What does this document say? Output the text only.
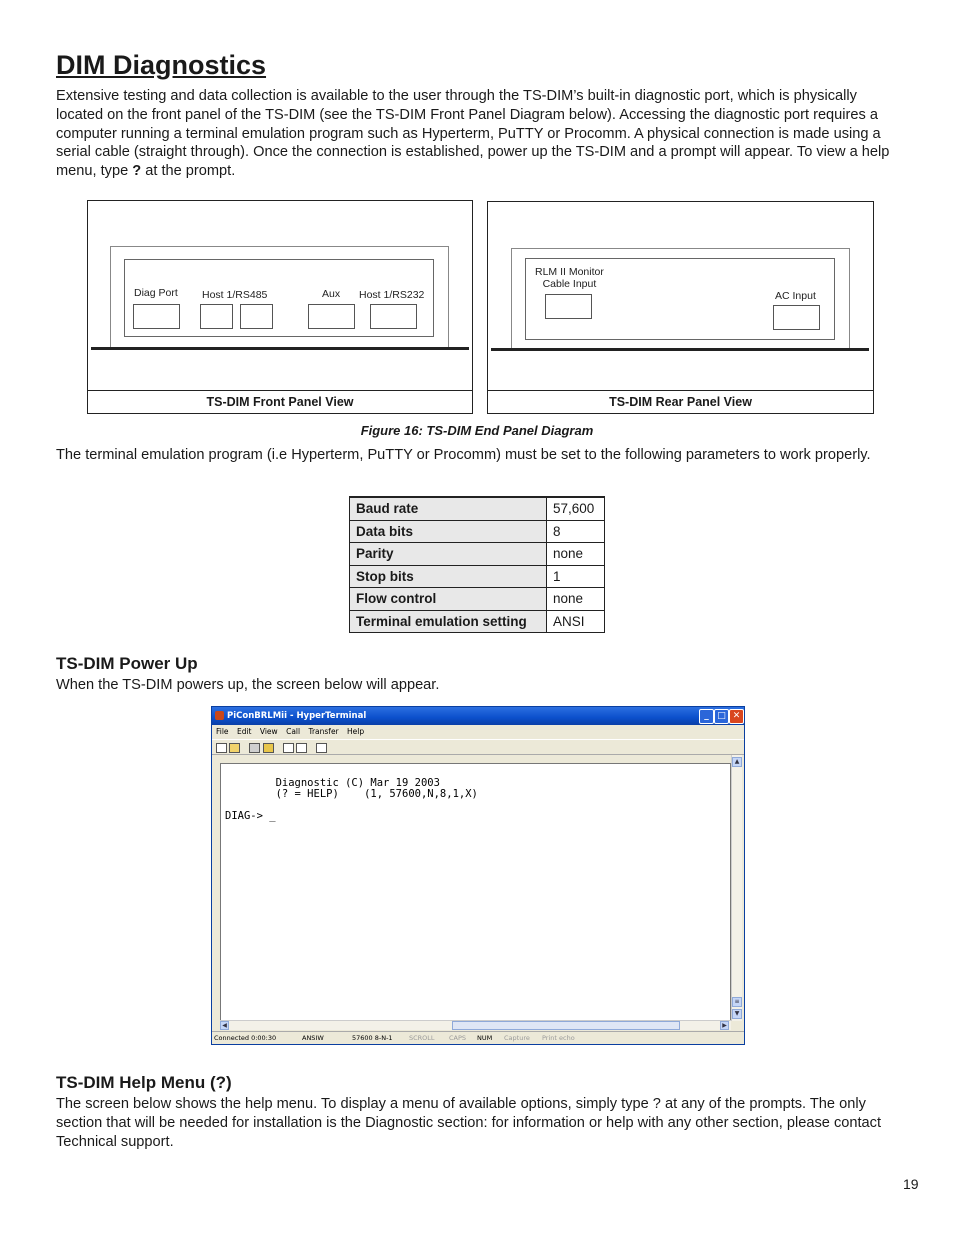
DIM Diagnostics

Extensive testing and data collection is available to the user through the TS-DIM’s built-in diagnostic port, which is physically located on the front panel of the TS-DIM (see the TS-DIM Front Panel Diagram below). Accessing the diagnostic port requires a computer running a terminal emulation program such as Hyperterm, PuTTY or Procomm. A physical connection is made using a serial cable (straight through). Once the connection is established, power up the TS-DIM and a prompt will appear. To view a help menu, type ? at the prompt.

Diag Port Host 1/RS485	Aux Host 1/RS232
TS-DIM Front Panel View
RLM II Monitor
Cable Input
AC Input
TS-DIM Rear Panel View
Figure 16: TS-DIM End Panel Diagram

The terminal emulation program (i.e Hyperterm, PuTTY or Procomm) must be set to the following parameters to work properly.

Baud rate	57,600
Data bits	8
Parity	none
Stop bits	1
Flow control	none
Terminal emulation setting	ANSI
TS-DIM Power Up

When the TS-DIM powers up, the screen below will appear.

PiConBRLMii - HyperTerminal	_ □ ✕
File Edit View Call Transfer Help
Diagnostic (C) Mar 19 2003
(? = HELP)    (1, 57600,N,8,1,X)

DIAG-> _
▲
≡
▼
◀	▶
Connected 0:00:30	ANSIW	57600 8-N-1	SCROLL CAPS NUM Capture Print echo
TS-DIM Help Menu (?)

The screen below shows the help menu. To display a menu of available options, simply type ? at any of the prompts. The only section that will be needed for installation is the Diagnostic section: for information or help with any other section, please contact Technical support.

19
